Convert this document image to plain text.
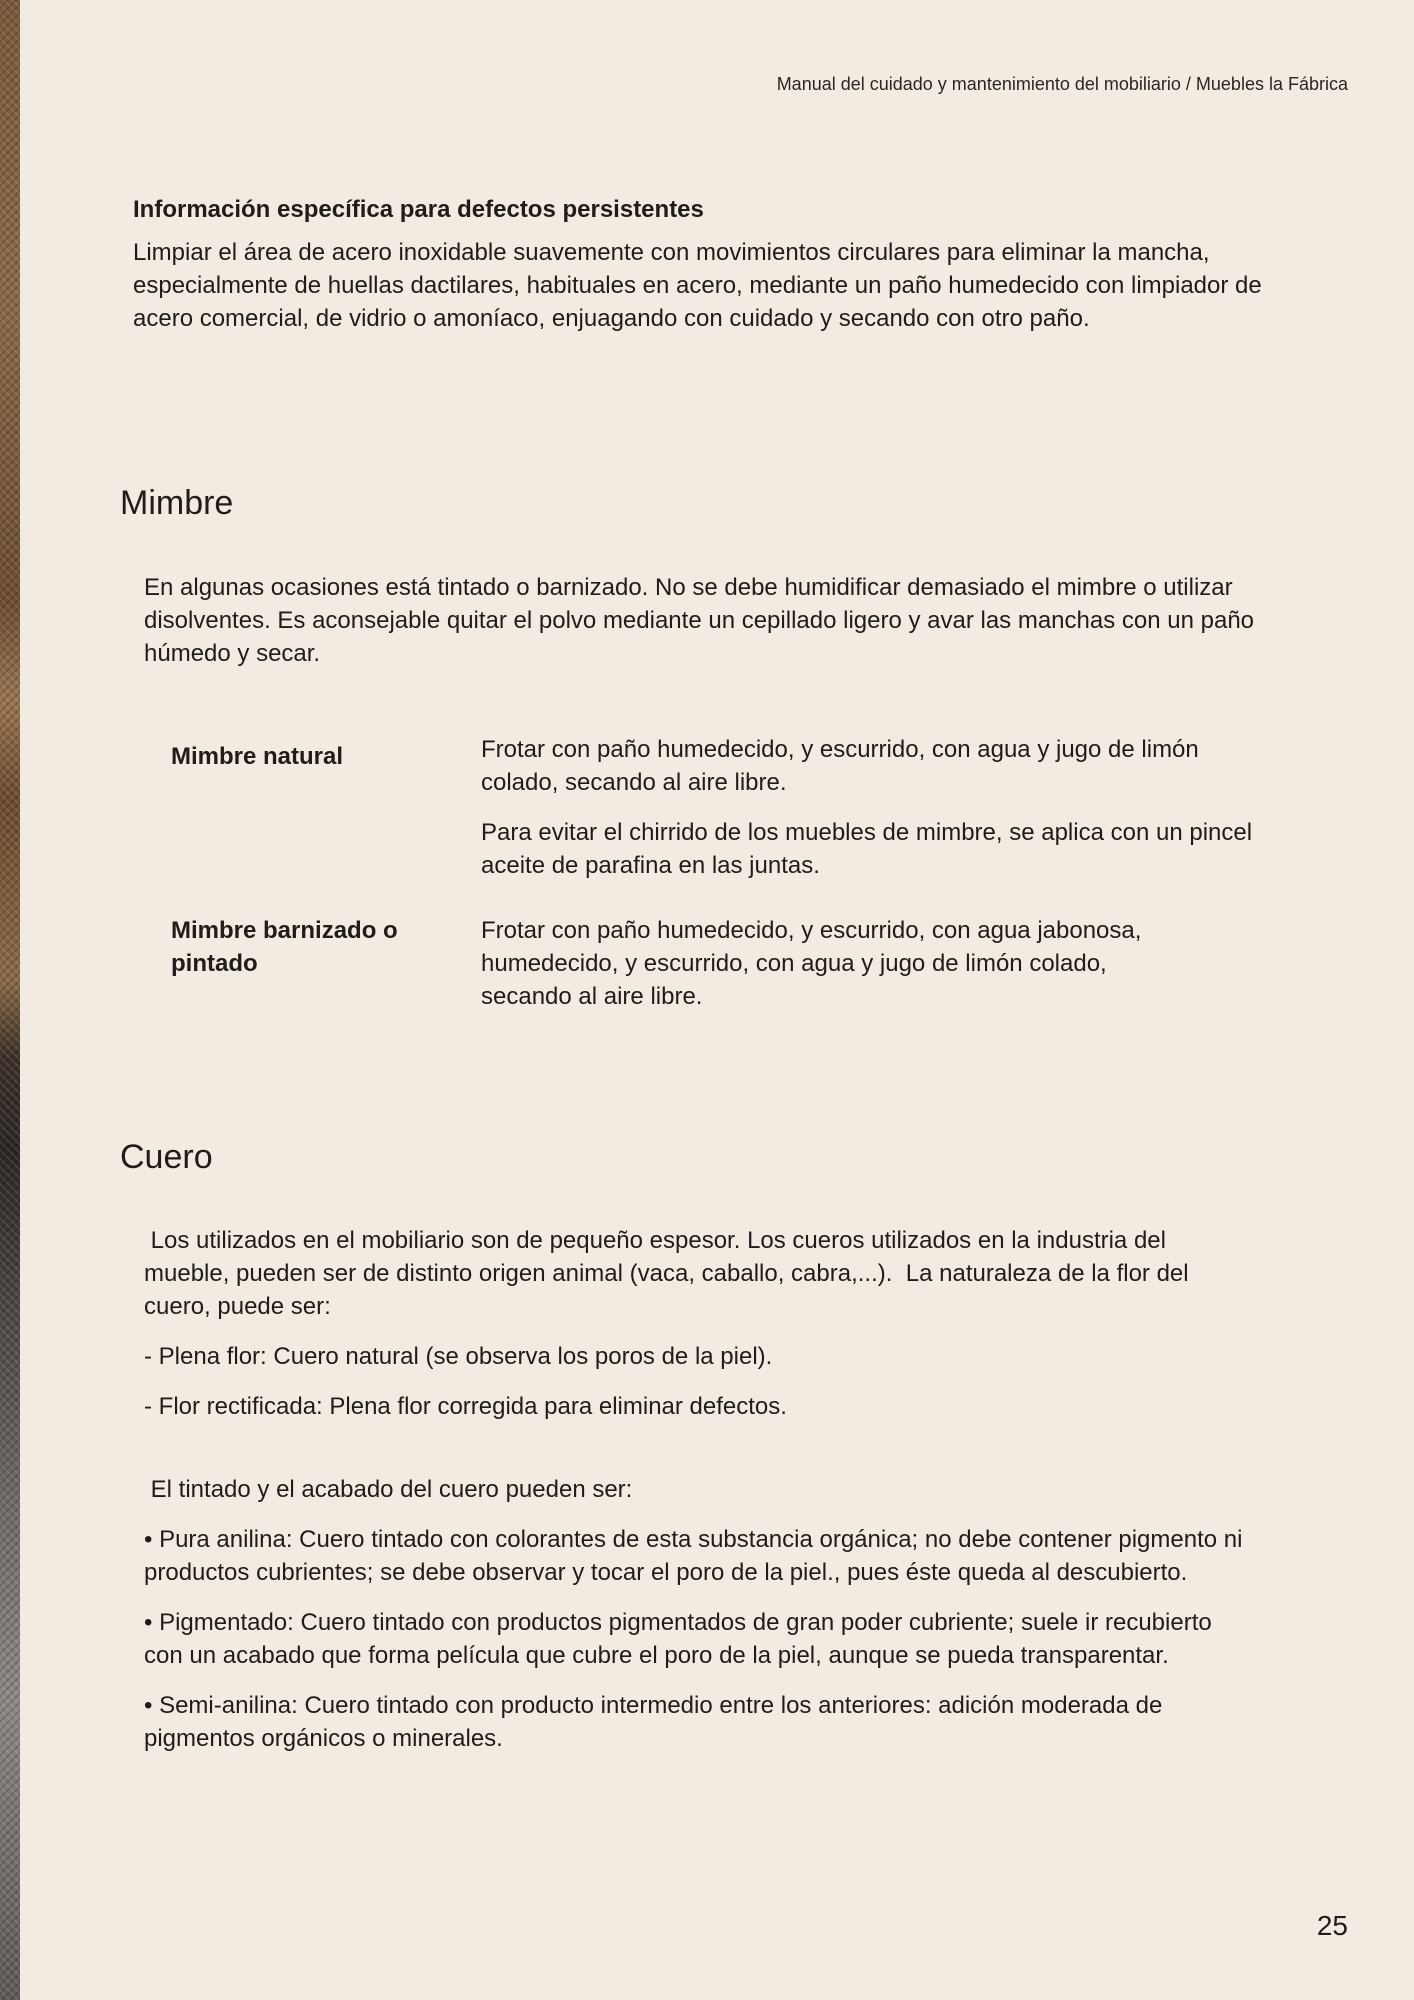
Manual del cuidado y mantenimiento del mobiliario / Muebles la Fábrica
Información específica para defectos persistentes

Limpiar el área de acero inoxidable suavemente con movimientos circulares para eliminar la mancha, especialmente de huellas dactilares, habituales en acero, mediante un paño humedecido con limpiador de acero comercial, de vidrio o amoníaco, enjuagando con cuidado y secando con otro paño.

Mimbre

En algunas ocasiones está tintado o barnizado. No se debe humidificar demasiado el mimbre o utilizar disolventes. Es aconsejable quitar el polvo mediante un cepillado ligero y avar las manchas con un paño húmedo y secar.

Mimbre natural	Frotar con paño humedecido, y escurrido, con agua y jugo de limón colado, secando al aire libre.

Para evitar el chirrido de los muebles de mimbre, se aplica con un pincel aceite de parafina en las juntas.

Mimbre barnizado o pintado

Frotar con paño humedecido, y escurrido, con agua jabonosa, humedecido, y escurrido, con agua y jugo de limón colado, secando al aire libre.

Cuero

Los utilizados en el mobiliario son de pequeño espesor. Los cueros utilizados en la industria del mueble, pueden ser de distinto origen animal (vaca, caballo, cabra,...).  La naturaleza de la flor del cuero, puede ser:

- Plena flor: Cuero natural (se observa los poros de la piel).

- Flor rectificada: Plena flor corregida para eliminar defectos.

El tintado y el acabado del cuero pueden ser:

• Pura anilina: Cuero tintado con colorantes de esta substancia orgánica; no debe contener pigmento ni productos cubrientes; se debe observar y tocar el poro de la piel., pues éste queda al descubierto.

• Pigmentado: Cuero tintado con productos pigmentados de gran poder cubriente; suele ir recubierto con un acabado que forma película que cubre el poro de la piel, aunque se pueda transparentar.

• Semi-anilina: Cuero tintado con producto intermedio entre los anteriores: adición moderada de pigmentos orgánicos o minerales.

25
